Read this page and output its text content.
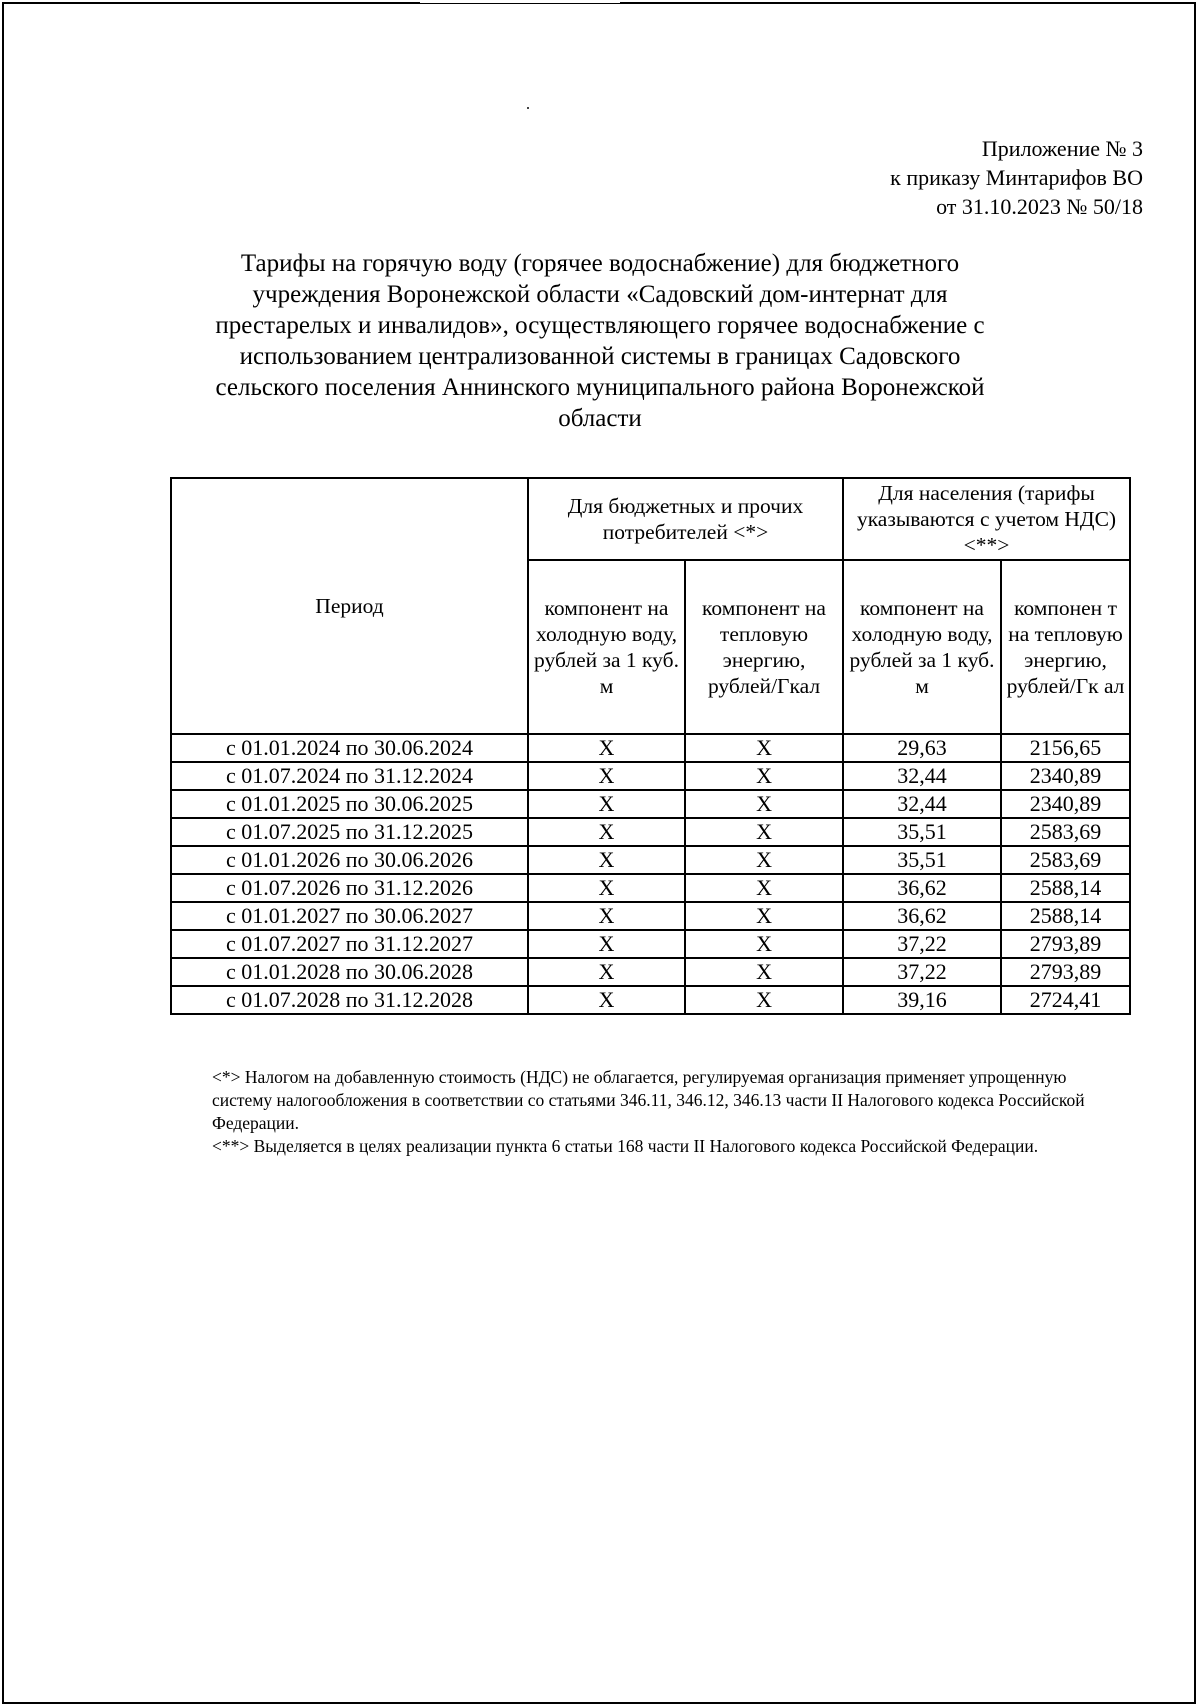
Приложение № 3
к приказу Минтарифов ВО
от 31.10.2023 № 50/18
Тарифы на горячую воду (горячее водоснабжение) для бюджетного
учреждения Воронежской области «Садовский дом-интернат для
престарелых и инвалидов», осуществляющего горячее водоснабжение с
использованием централизованной системы в границах Садовского
сельского поселения Аннинского муниципального района Воронежской
области
Период	Для бюджетных и прочих потребителей <*>		Для населения (тарифы указываются с учетом НДС) <**>	
	компонент на холодную воду, рублей за 1 куб. м	компонент на тепловую энергию, рублей/Гкал	компонент на холодную воду, рублей за 1 куб. м	компонен т на тепловую энергию, рублей/Гк ал
с 01.01.2024 по 30.06.2024	Х	Х	29,63	2156,65
с 01.07.2024 по 31.12.2024	Х	Х	32,44	2340,89
с 01.01.2025 по 30.06.2025	Х	Х	32,44	2340,89
с 01.07.2025 по 31.12.2025	Х	Х	35,51	2583,69
с 01.01.2026 по 30.06.2026	Х	Х	35,51	2583,69
с 01.07.2026 по 31.12.2026	Х	Х	36,62	2588,14
с 01.01.2027 по 30.06.2027	Х	Х	36,62	2588,14
с 01.07.2027 по 31.12.2027	Х	Х	37,22	2793,89
с 01.01.2028 по 30.06.2028	Х	Х	37,22	2793,89
с 01.07.2028 по 31.12.2028	Х	Х	39,16	2724,41

<*> Налогом на добавленную стоимость (НДС) не облагается, регулируемая организация применяет упрощенную систему налогообложения в соответствии со статьями 346.11, 346.12, 346.13 части II Налогового кодекса Российской Федерации.

<**> Выделяется в целях реализации пункта 6 статьи 168 части II Налогового кодекса Российской Федерации.
